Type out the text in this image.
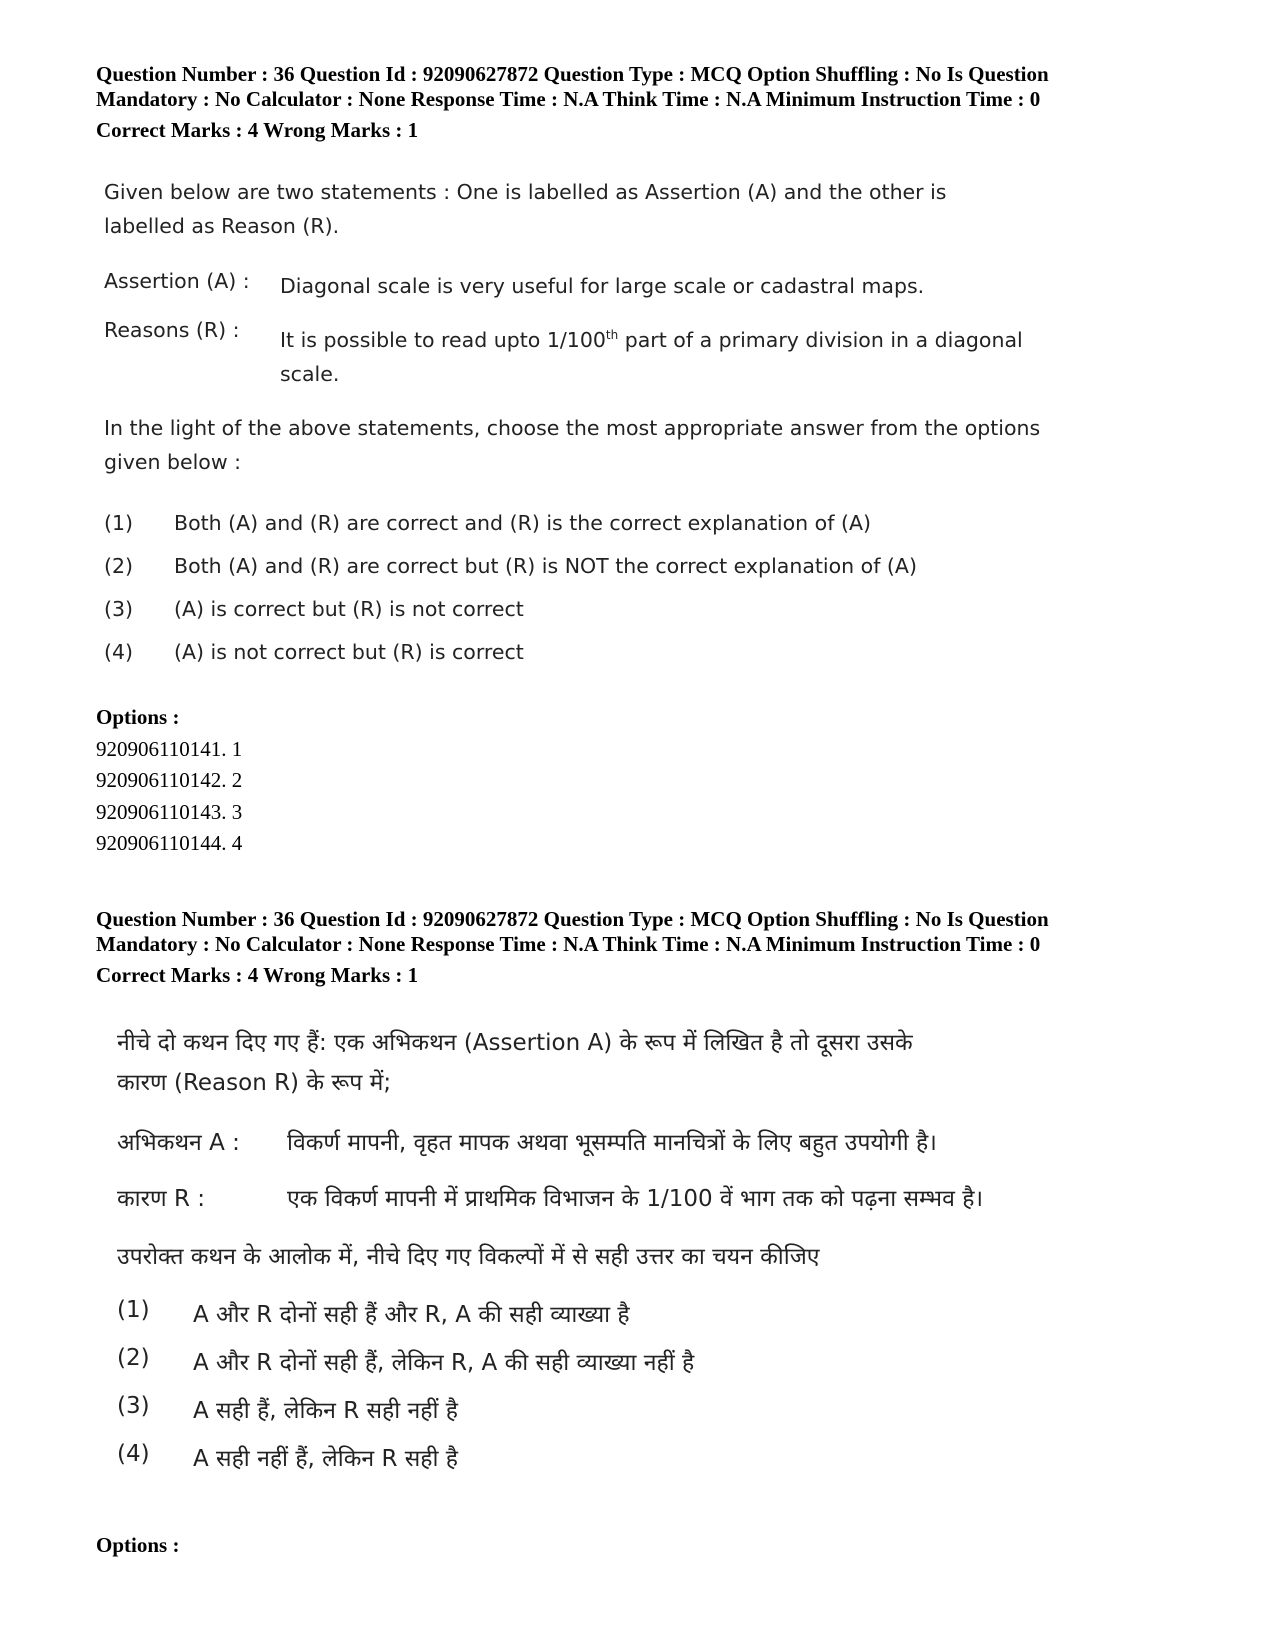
Question Number : 36 Question Id : 92090627872 Question Type : MCQ Option Shuffling : No Is Question

Mandatory : No Calculator : None Response Time : N.A Think Time : N.A Minimum Instruction Time : 0

Correct Marks : 4 Wrong Marks : 1

Given below are two statements : One is labelled as Assertion (A) and the other is

labelled as Reason (R).

Assertion (A) :	Diagonal scale is very useful for large scale or cadastral maps.
Reasons (R) :	It is possible to read upto 1/100th part of a primary division in a diagonal
scale.

In the light of the above statements, choose the most appropriate answer from the options

given below :

(1)	Both (A) and (R) are correct and (R) is the correct explanation of (A)
(2)	Both (A) and (R) are correct but (R) is NOT the correct explanation of (A)
(3)	(A) is correct but (R) is not correct
(4)	(A) is not correct but (R) is correct
Options :
920906110141. 1
920906110142. 2
920906110143. 3
920906110144. 4

Question Number : 36 Question Id : 92090627872 Question Type : MCQ Option Shuffling : No Is Question

Mandatory : No Calculator : None Response Time : N.A Think Time : N.A Minimum Instruction Time : 0

Correct Marks : 4 Wrong Marks : 1

नीचे दो कथन दिए गए हैं: एक अभिकथन (Assertion A) के रूप में लिखित है तो दूसरा उसके
कारण (Reason R) के रूप में;
अभिकथन A :	विकर्ण मापनी, वृहत मापक अथवा भूसम्पति मानचित्रों के लिए बहुत उपयोगी है।
कारण R :	एक विकर्ण मापनी में प्राथमिक विभाजन के 1/100 वें भाग तक को पढ़ना सम्भव है।
उपरोक्त कथन के आलोक में, नीचे दिए गए विकल्पों में से सही उत्तर का चयन कीजिए
(1)	A और R दोनों सही हैं और R, A की सही व्याख्या है
(2)	A और R दोनों सही हैं, लेकिन R, A की सही व्याख्या नहीं है
(3)	A सही हैं, लेकिन R सही नहीं है
(4)	A सही नहीं हैं, लेकिन R सही है
Options :
